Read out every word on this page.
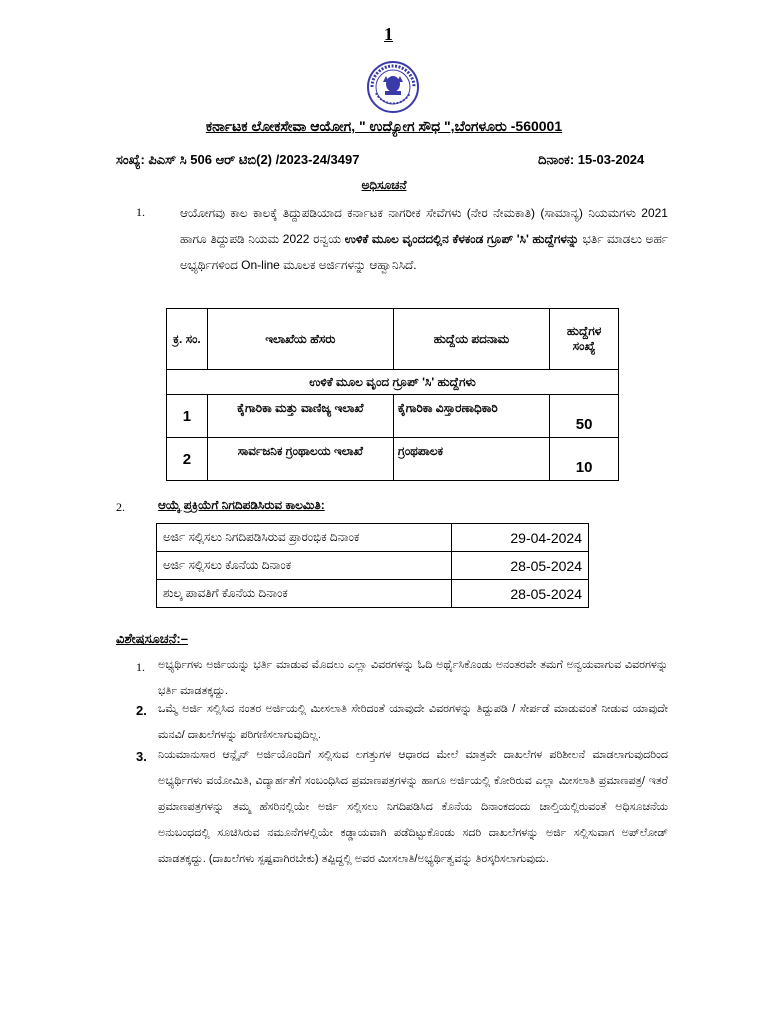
1
ಕರ್ನಾಟಕ ಲೋಕಸೇವಾ ಆಯೋಗ, " ಉದ್ಯೋಗ ಸೌಧ ",ಬೆಂಗಳೂರು -560001
ಸಂಖ್ಯೆ: ಪಿಎಸ್ ಸಿ 506 ಆರ್ ಟಿಬಿ(2) /2023-24/3497	ದಿನಾಂಕ: 15-03-2024
ಅಧಿಸೂಚನೆ
1.	ಆಯೋಗವು ಕಾಲ ಕಾಲಕ್ಕೆ ತಿದ್ದುಪಡಿಯಾದ ಕರ್ನಾಟಕ ನಾಗರೀಕ ಸೇವೆಗಳು (ನೇರ ನೇಮಕಾತಿ) (ಸಾಮಾನ್ಯ) ನಿಯಮಗಳು 2021 ಹಾಗೂ ತಿದ್ದುಪಡಿ ನಿಯಮ 2022 ರನ್ವಯ ಉಳಿಕೆ ಮೂಲ ವೃಂದದಲ್ಲಿನ ಕೆಳಕಂಡ ಗ್ರೂಪ್ 'ಸಿ' ಹುದ್ದೆಗಳನ್ನು ಭರ್ತಿ ಮಾಡಲು ಅರ್ಹ ಅಭ್ಯರ್ಥಿಗಳಿಂದ On-line ಮೂಲಕ ಅರ್ಜಿಗಳನ್ನು ಆಹ್ವಾನಿಸಿದೆ.
ಕ್ರ. ಸಂ.	ಇಲಾಖೆಯ ಹೆಸರು	ಹುದ್ದೆಯ ಪದನಾಮ	ಹುದ್ದೆಗಳ ಸಂಖ್ಯೆ
ಉಳಿಕೆ ಮೂಲ ವೃಂದ ಗ್ರೂಪ್ 'ಸಿ' ಹುದ್ದೆಗಳು			
1	ಕೈಗಾರಿಕಾ ಮತ್ತು ವಾಣಿಜ್ಯ ಇಲಾಖೆ	ಕೈಗಾರಿಕಾ ವಿಸ್ತಾರಣಾಧಿಕಾರಿ	50
2	ಸಾರ್ವಜನಿಕ ಗ್ರಂಥಾಲಯ ಇಲಾಖೆ	ಗ್ರಂಥಪಾಲಕ	10
2.	ಆಯ್ಕೆ ಪ್ರಕ್ರಿಯೆಗೆ ನಿಗದಿಪಡಿಸಿರುವ ಕಾಲಮಿತಿ:
ಅರ್ಜಿ ಸಲ್ಲಿಸಲು ನಿಗದಿಪಡಿಸಿರುವ ಪ್ರಾರಂಭಿಕ ದಿನಾಂಕ	29-04-2024
ಅರ್ಜಿ ಸಲ್ಲಿಸಲು ಕೊನೆಯ ದಿನಾಂಕ	28-05-2024
ಶುಲ್ಕ ಪಾವತಿಗೆ ಕೊನೆಯ ದಿನಾಂಕ	28-05-2024
ವಿಶೇಷಸೂಚನೆ:–
1. ಅಭ್ಯರ್ಥಿಗಳು ಅರ್ಜಿಯನ್ನು ಭರ್ತಿ ಮಾಡುವ ಮೊದಲು ಎಲ್ಲಾ ವಿವರಗಳನ್ನು ಓದಿ ಅರ್ಥೈಸಿಕೊಂಡು ಅನಂತರವೇ ತಮಗೆ ಅನ್ವಯವಾಗುವ ವಿವರಗಳನ್ನು ಭರ್ತಿ ಮಾಡತಕ್ಕದ್ದು.
2. ಒಮ್ಮೆ ಅರ್ಜಿ ಸಲ್ಲಿಸಿದ ನಂತರ ಅರ್ಜಿಯಲ್ಲಿ ಮೀಸಲಾತಿ ಸೇರಿದಂತೆ ಯಾವುದೇ ವಿವರಗಳನ್ನು ತಿದ್ದುಪಡಿ / ಸೇರ್ಪಡೆ ಮಾಡುವಂತೆ ನೀಡುವ ಯಾವುದೇ ಮನವಿ/ ದಾಖಲೆಗಳನ್ನು ಪರಿಗಣಿಸಲಾಗುವುದಿಲ್ಲ.
3. ನಿಯಮಾನುಸಾರ ಆನ್ಲೈನ್ ಅರ್ಜಿಯೊಂದಿಗೆ ಸಲ್ಲಿಸುವ ಲಗತ್ತುಗಳ ಆಧಾರದ ಮೇಲೆ ಮಾತ್ರವೇ ದಾಖಲೆಗಳ ಪರಿಶೀಲನೆ ಮಾಡಲಾಗುವುದರಿಂದ ಅಭ್ಯರ್ಥಿಗಳು ವಯೋಮಿತಿ, ವಿದ್ಯಾರ್ಹತೆಗೆ ಸಂಬಂಧಿಸಿದ ಪ್ರಮಾಣಪತ್ರಗಳನ್ನು ಹಾಗೂ ಅರ್ಜಿಯಲ್ಲಿ ಕೋರಿರುವ ಎಲ್ಲಾ ಮೀಸಲಾತಿ ಪ್ರಮಾಣಪತ್ರ/ ಇತರೆ ಪ್ರಮಾಣಪತ್ರಗಳನ್ನು ತಮ್ಮ ಹೆಸರಿನಲ್ಲಿಯೇ ಅರ್ಜಿ ಸಲ್ಲಿಸಲು ನಿಗದಿಪಡಿಸಿದ ಕೊನೆಯ ದಿನಾಂಕದಂದು ಚಾಲ್ತಿಯಲ್ಲಿರುವಂತೆ ಅಧಿಸೂಚನೆಯ ಅನುಬಂಧದಲ್ಲಿ ಸೂಚಿಸಿರುವ ನಮೂನೆಗಳಲ್ಲಿಯೇ ಕಡ್ಡಾಯವಾಗಿ ಪಡೆದಿಟ್ಟುಕೊಂಡು ಸದರಿ ದಾಖಲೆಗಳನ್ನು ಅರ್ಜಿ ಸಲ್ಲಿಸುವಾಗ ಅಪ್‌ಲೋಡ್ ಮಾಡತಕ್ಕದ್ದು. (ದಾಖಲೆಗಳು ಸ್ಪಷ್ಟವಾಗಿರಬೇಕು) ತಪ್ಪಿದ್ದಲ್ಲಿ ಅವರ ಮೀಸಲಾತಿ/ಅಭ್ಯರ್ಥಿತ್ವವನ್ನು ತಿರಸ್ಕರಿಸಲಾಗುವುದು.
